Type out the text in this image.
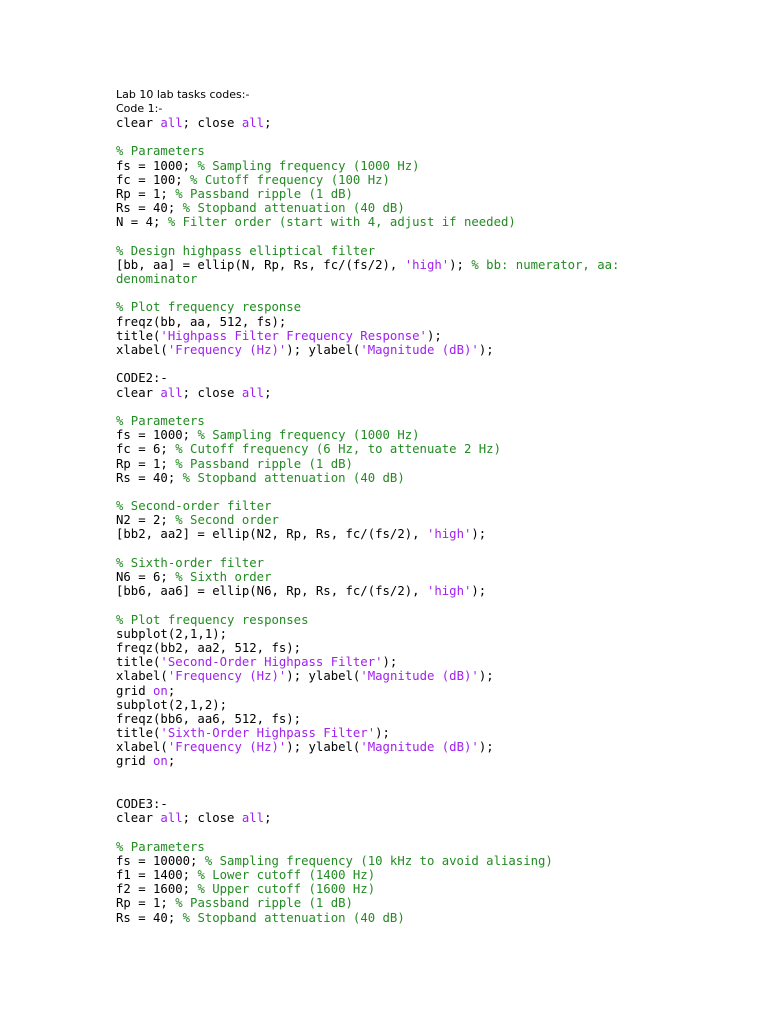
Lab 10 lab tasks codes:-
Code 1:-
clear all; close all;

% Parameters
fs = 1000; % Sampling frequency (1000 Hz)
fc = 100; % Cutoff frequency (100 Hz)
Rp = 1; % Passband ripple (1 dB)
Rs = 40; % Stopband attenuation (40 dB)
N = 4; % Filter order (start with 4, adjust if needed)

% Design highpass elliptical filter
[bb, aa] = ellip(N, Rp, Rs, fc/(fs/2), 'high'); % bb: numerator, aa:
denominator

% Plot frequency response
freqz(bb, aa, 512, fs);
title('Highpass Filter Frequency Response');
xlabel('Frequency (Hz)'); ylabel('Magnitude (dB)');

CODE2:-
clear all; close all;

% Parameters
fs = 1000; % Sampling frequency (1000 Hz)
fc = 6; % Cutoff frequency (6 Hz, to attenuate 2 Hz)
Rp = 1; % Passband ripple (1 dB)
Rs = 40; % Stopband attenuation (40 dB)

% Second-order filter
N2 = 2; % Second order
[bb2, aa2] = ellip(N2, Rp, Rs, fc/(fs/2), 'high');

% Sixth-order filter
N6 = 6; % Sixth order
[bb6, aa6] = ellip(N6, Rp, Rs, fc/(fs/2), 'high');

% Plot frequency responses
subplot(2,1,1);
freqz(bb2, aa2, 512, fs);
title('Second-Order Highpass Filter');
xlabel('Frequency (Hz)'); ylabel('Magnitude (dB)');
grid on;
subplot(2,1,2);
freqz(bb6, aa6, 512, fs);
title('Sixth-Order Highpass Filter');
xlabel('Frequency (Hz)'); ylabel('Magnitude (dB)');
grid on;

CODE3:-
clear all; close all;

% Parameters
fs = 10000; % Sampling frequency (10 kHz to avoid aliasing)
f1 = 1400; % Lower cutoff (1400 Hz)
f2 = 1600; % Upper cutoff (1600 Hz)
Rp = 1; % Passband ripple (1 dB)
Rs = 40; % Stopband attenuation (40 dB)
